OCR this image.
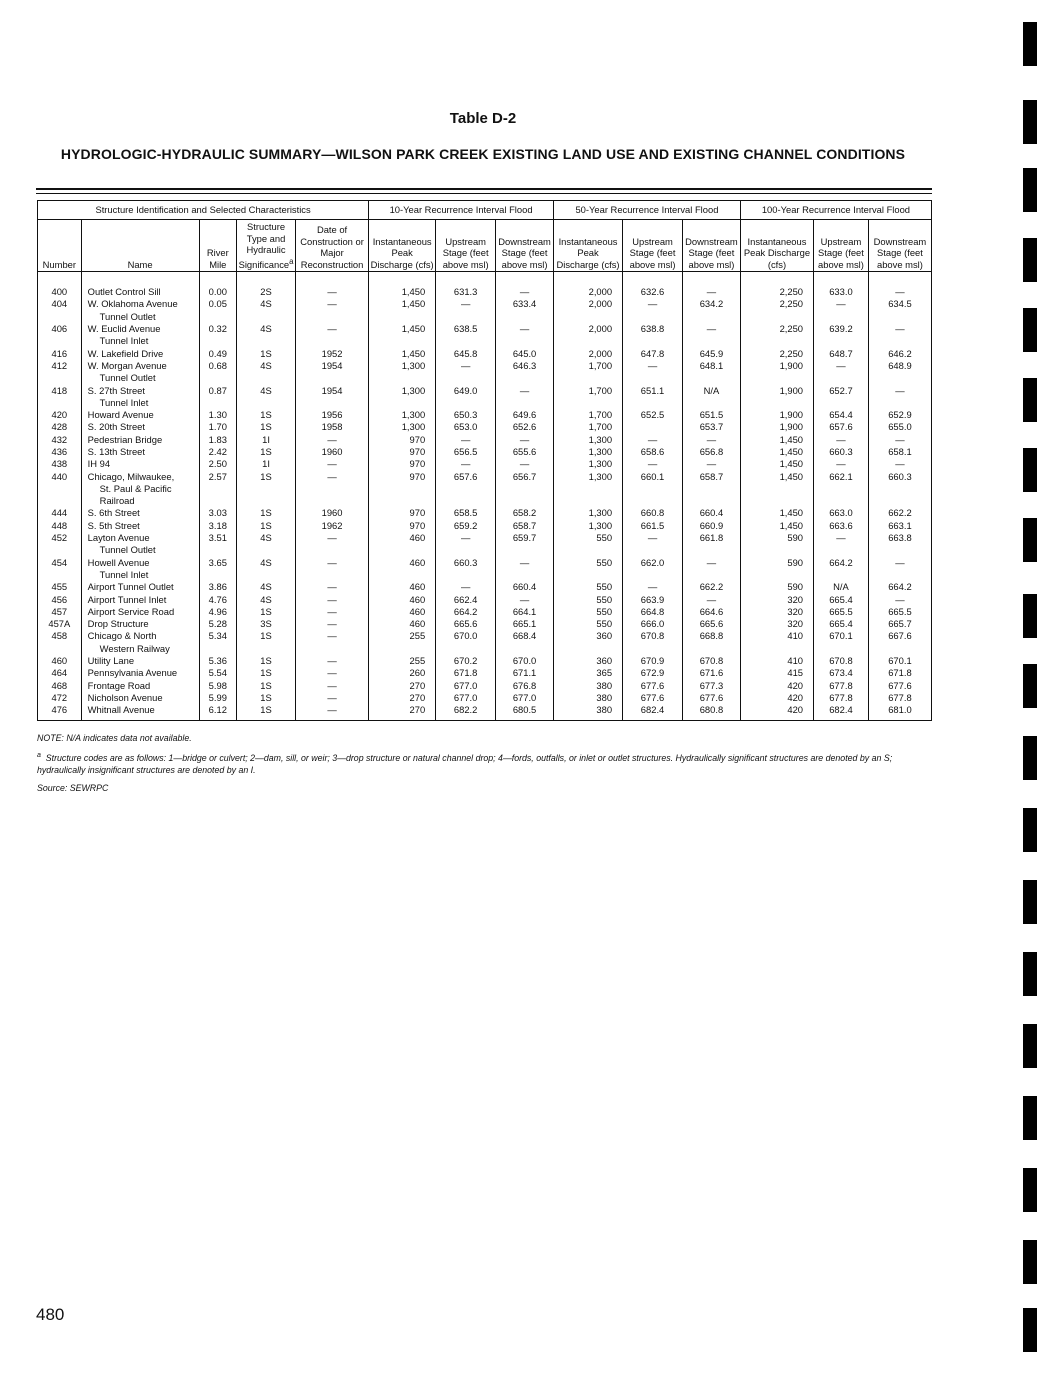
Table D-2
HYDROLOGIC-HYDRAULIC SUMMARY—WILSON PARK CREEK EXISTING LAND USE AND EXISTING CHANNEL CONDITIONS
Structure Identification and Selected Characteristics					10-Year Recurrence Interval Flood			50-Year Recurrence Interval Flood			100-Year Recurrence Interval Flood		
Number	Name	River Mile	Structure Type and Hydraulic Significance$^a$	Date of Construction or Major Reconstruction	Instantaneous Peak Discharge (cfs)	Upstream Stage (feet above msl)	Downstream Stage (feet above msl)	Instantaneous Peak Discharge (cfs)	Upstream Stage (feet above msl)	Downstream Stage (feet above msl)	Instantaneous Peak Discharge (cfs)	Upstream Stage (feet above msl)	Downstream Stage (feet above msl)
400	Outlet Control Sill	0.00	2S	—	1,450	631.3	—	2,000	632.6	—	2,250	633.0	—
404	W. Oklahoma Avenue	0.05	4S	—	1,450	—	633.4	2,000	—	634.2	2,250	—	634.5
	Tunnel Outlet												
406	W. Euclid Avenue	0.32	4S	—	1,450	638.5	—	2,000	638.8	—	2,250	639.2	—
	Tunnel Inlet												
416	W. Lakefield Drive	0.49	1S	1952	1,450	645.8	645.0	2,000	647.8	645.9	2,250	648.7	646.2
412	W. Morgan Avenue	0.68	4S	1954	1,300	—	646.3	1,700	—	648.1	1,900	—	648.9
	Tunnel Outlet												
418	S. 27th Street	0.87	4S	1954	1,300	649.0	—	1,700	651.1	N/A	1,900	652.7	—
	Tunnel Inlet												
420	Howard Avenue	1.30	1S	1956	1,300	650.3	649.6	1,700	652.5	651.5	1,900	654.4	652.9
428	S. 20th Street	1.70	1S	1958	1,300	653.0	652.6	1,700		653.7	1,900	657.6	655.0
432	Pedestrian Bridge	1.83	1I	—	970	—	—	1,300	—	—	1,450	—	—
436	S. 13th Street	2.42	1S	1960	970	656.5	655.6	1,300	658.6	656.8	1,450	660.3	658.1
438	IH 94	2.50	1I	—	970	—	—	1,300	—	—	1,450	—	—
440	Chicago, Milwaukee,	2.57	1S	—	970	657.6	656.7	1,300	660.1	658.7	1,450	662.1	660.3
	St. Paul & Pacific												
	Railroad												
444	S. 6th Street	3.03	1S	1960	970	658.5	658.2	1,300	660.8	660.4	1,450	663.0	662.2
448	S. 5th Street	3.18	1S	1962	970	659.2	658.7	1,300	661.5	660.9	1,450	663.6	663.1
452	Layton Avenue	3.51	4S	—	460	—	659.7	550	—	661.8	590	—	663.8
	Tunnel Outlet												
454	Howell Avenue	3.65	4S	—	460	660.3	—	550	662.0	—	590	664.2	—
	Tunnel Inlet												
455	Airport Tunnel Outlet	3.86	4S	—	460	—	660.4	550	—	662.2	590	N/A	664.2
456	Airport Tunnel Inlet	4.76	4S	—	460	662.4	—	550	663.9	—	320	665.4	—
457	Airport Service Road	4.96	1S	—	460	664.2	664.1	550	664.8	664.6	320	665.5	665.5
457A	Drop Structure	5.28	3S	—	460	665.6	665.1	550	666.0	665.6	320	665.4	665.7
458	Chicago & North	5.34	1S	—	255	670.0	668.4	360	670.8	668.8	410	670.1	667.6
	Western Railway												
460	Utility Lane	5.36	1S	—	255	670.2	670.0	360	670.9	670.8	410	670.8	670.1
464	Pennsylvania Avenue	5.54	1S	—	260	671.8	671.1	365	672.9	671.6	415	673.4	671.8
468	Frontage Road	5.98	1S	—	270	677.0	676.8	380	677.6	677.3	420	677.8	677.6
472	Nicholson Avenue	5.99	1S	—	270	677.0	677.0	380	677.6	677.6	420	677.8	677.8
476	Whitnall Avenue	6.12	1S	—	270	682.2	680.5	380	682.4	680.8	420	682.4	681.0

NOTE: N/A indicates data not available.

$^a$ Structure codes are as follows: 1—bridge or culvert; 2—dam, sill, or weir; 3—drop structure or natural channel drop; 4—fords, outfalls, or inlet or outlet structures. Hydraulically significant structures are denoted by an S; hydraulically insignificant structures are denoted by an I.

Source: SEWRPC

480
